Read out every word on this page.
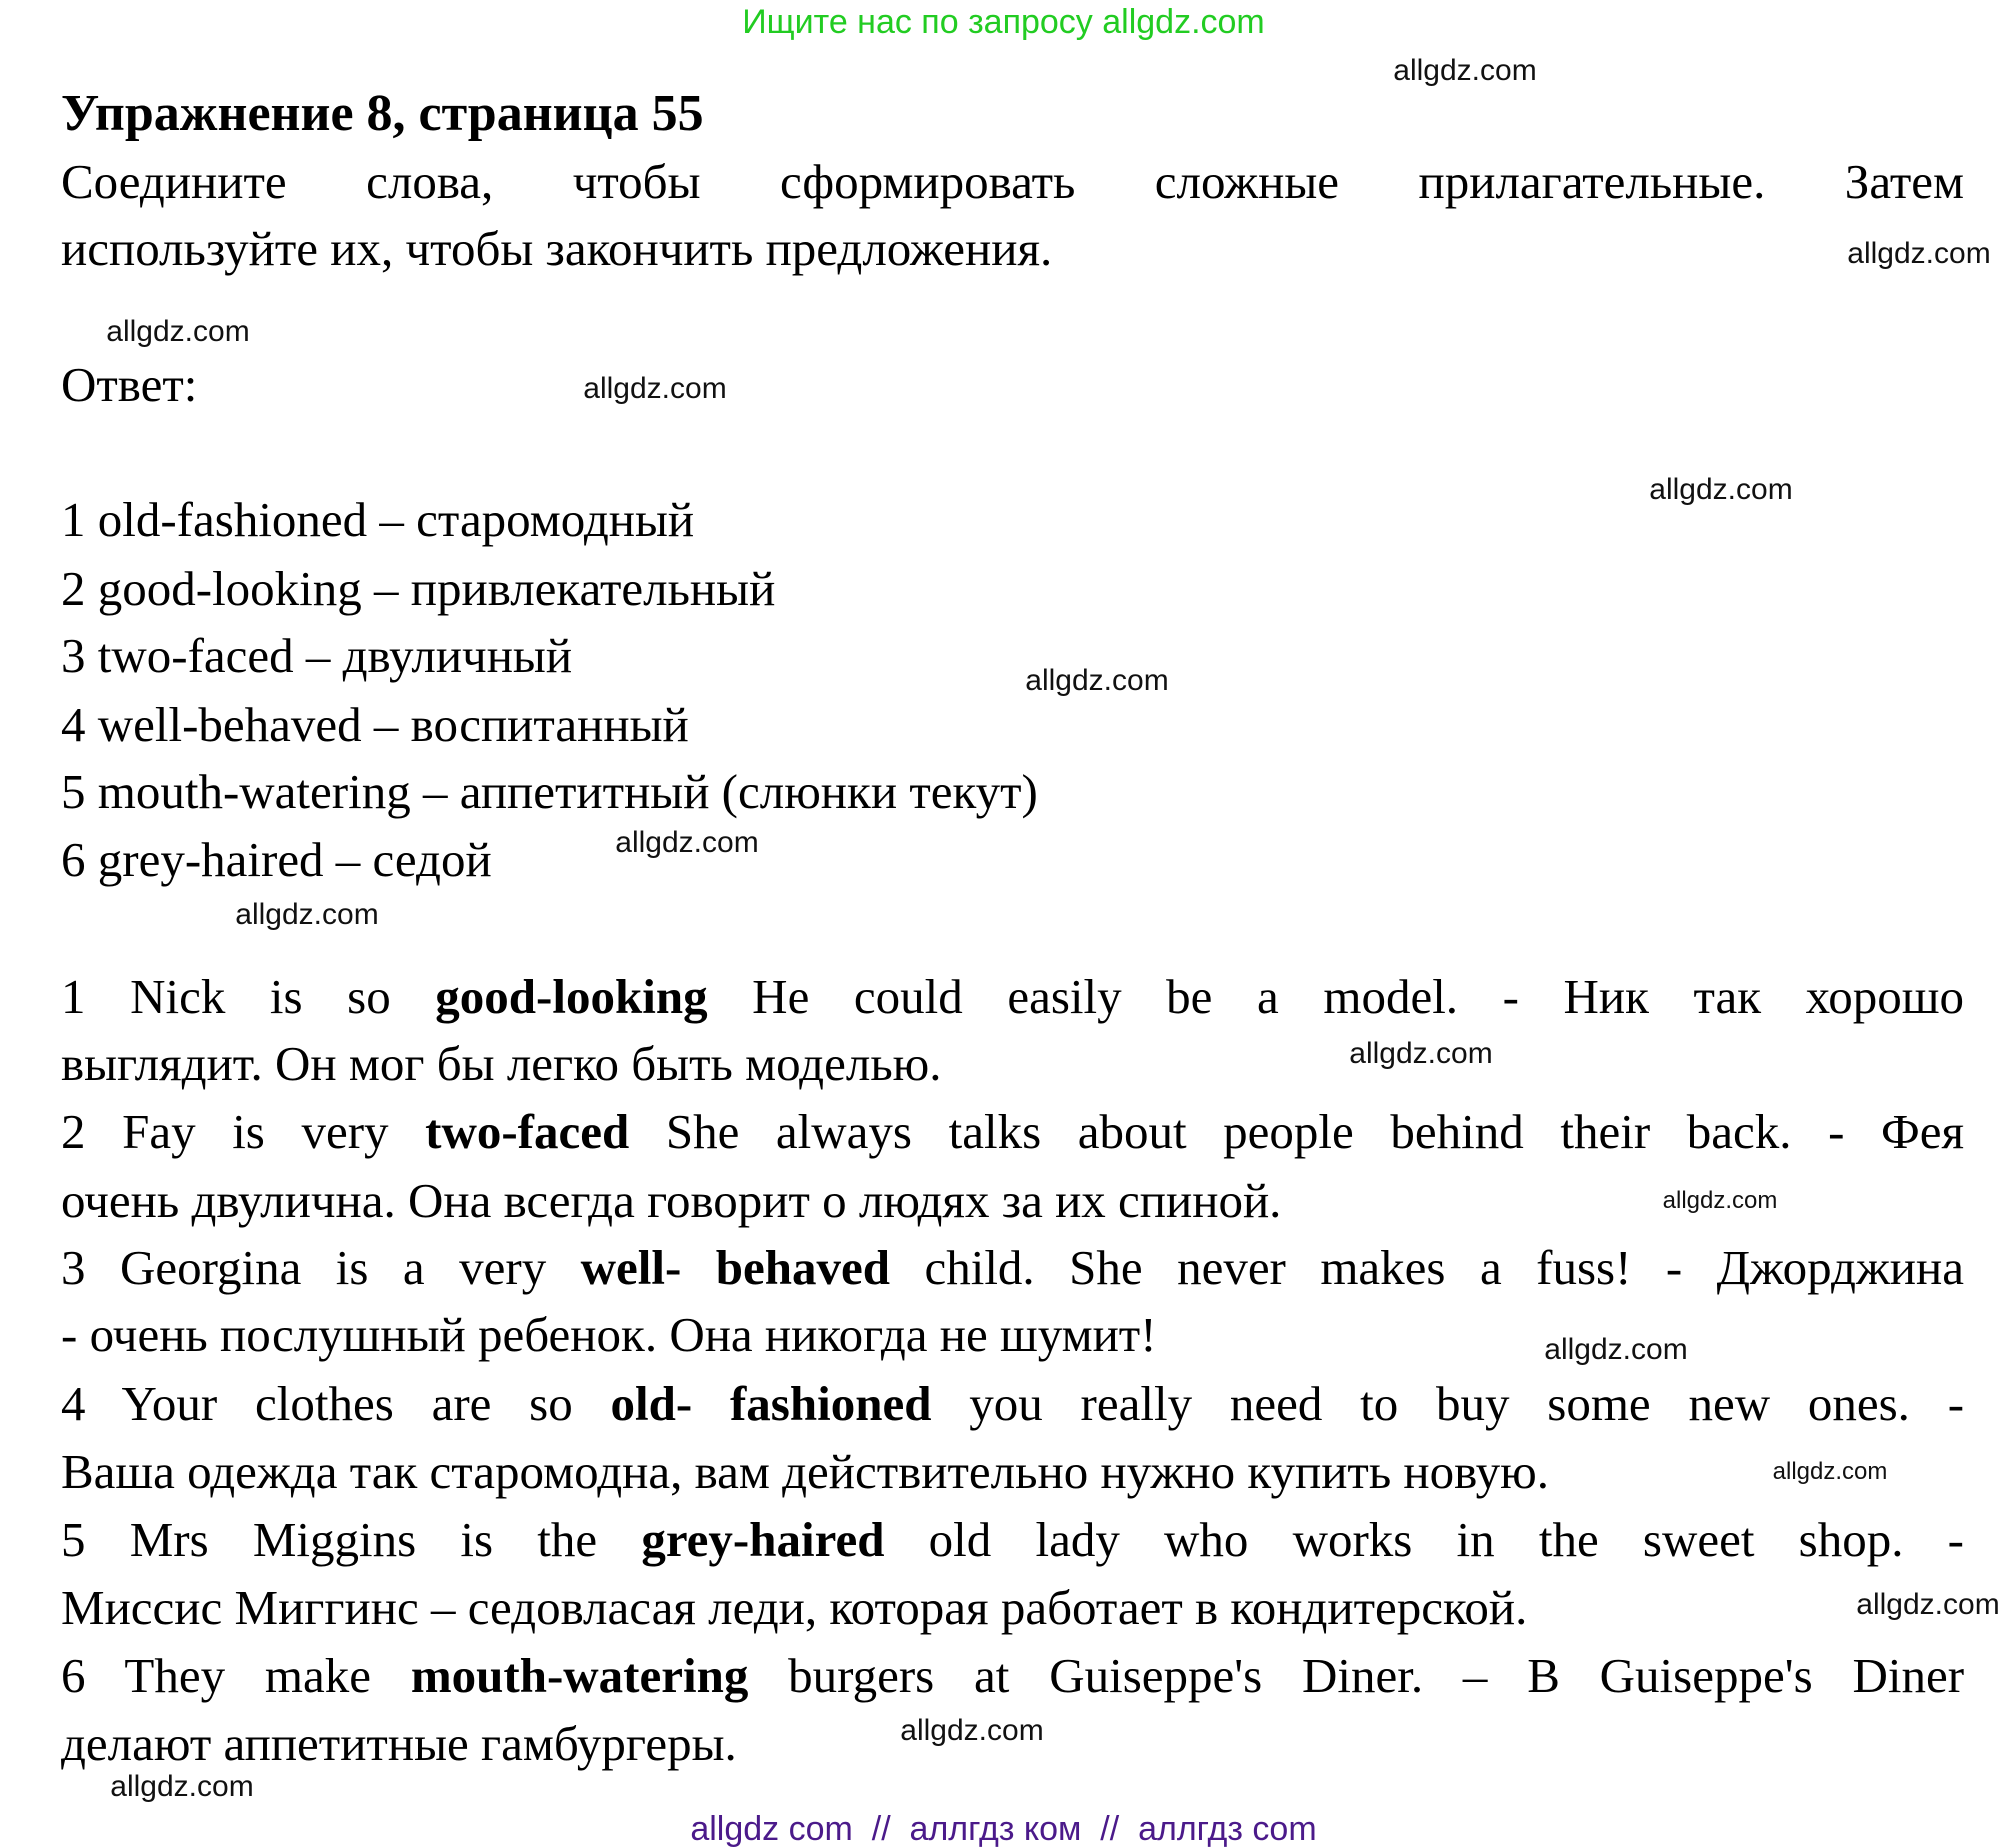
Ищите нас по запросу allgdz.com
Упражнение 8, страница 55
Соедините слова, чтобы сформировать сложные прилагательные. Затем
используйте их, чтобы закончить предложения.
Ответ:
1 old-fashioned – старомодный
2 good-looking – привлекательный
3 two-faced – двуличный
4 well-behaved – воспитанный
5 mouth-watering – аппетитный (слюнки текут)
6 grey-haired – седой
1 Nick is so good-looking He could easily be a model. - Ник так хорошо
выглядит. Он мог бы легко быть моделью.
2 Fay is very two-faced She always talks about people behind their back. - Фея
очень двулична. Она всегда говорит о людях за их спиной.
3 Georgina is a very well- behaved child. She never makes a fuss! - Джорджина
- очень послушный ребенок. Она никогда не шумит!
4 Your clothes are so old- fashioned you really need to buy some new ones. -
Ваша одежда так старомодна, вам действительно нужно купить новую.
5 Mrs Miggins is the grey-haired old lady who works in the sweet shop. -
Миссис Миггинс – седовласая леди, которая работает в кондитерской.
6 They make mouth-watering burgers at Guiseppe's Diner. – В Guiseppe's Diner
делают аппетитные гамбургеры.
allgdz.com
allgdz.com
allgdz.com
allgdz.com
allgdz.com
allgdz.com
allgdz.com
allgdz.com
allgdz.com
allgdz.com
allgdz.com
allgdz.com
allgdz.com
allgdz.com
allgdz.com
allgdz com  //  аллгдз ком  //  аллгдз com
